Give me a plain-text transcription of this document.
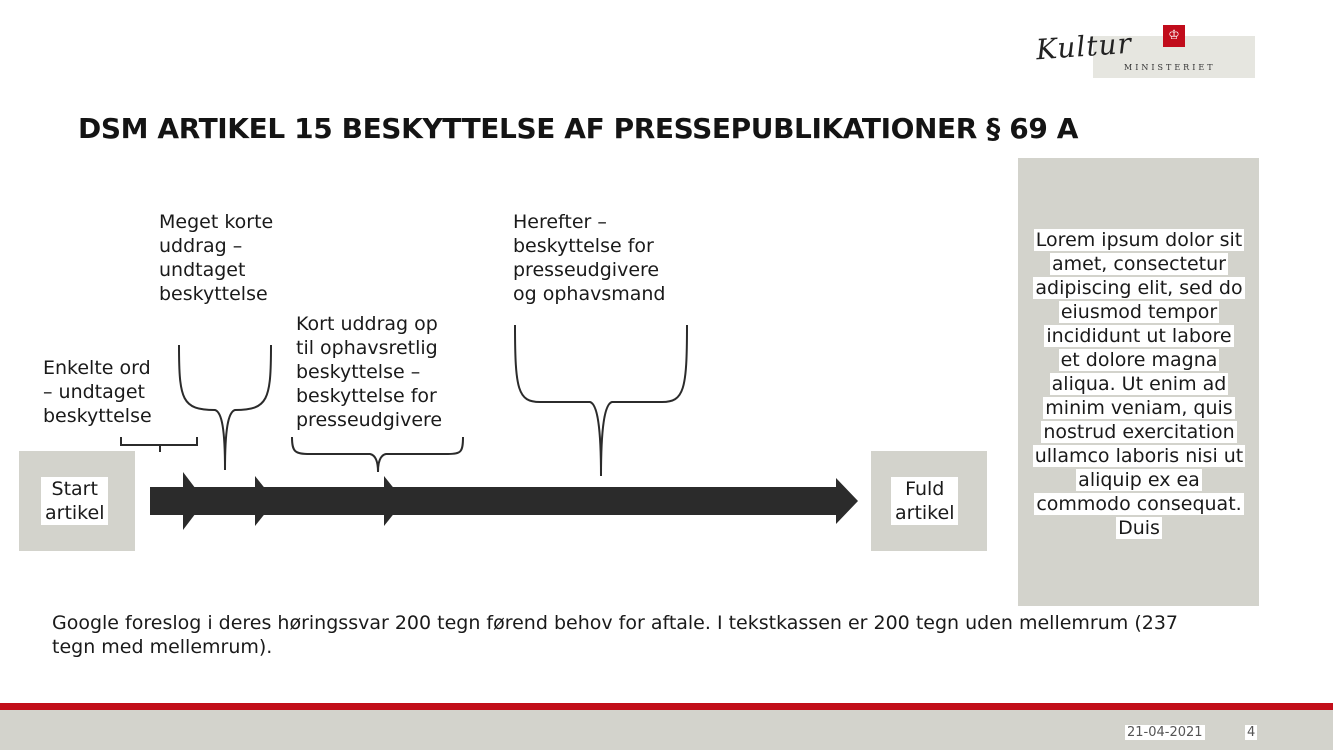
Kultur
MINISTERIET
♔
DSM ARTIKEL 15 BESKYTTELSE AF PRESSEPUBLIKATIONER § 69 A
Start
artikel
Fuld
artikel
Enkelte ord
– undtaget
beskyttelse
Meget korte
uddrag –
undtaget
beskyttelse
Kort uddrag op
til ophavsretlig
beskyttelse –
beskyttelse for
presseudgivere
Herefter –
beskyttelse for
presseudgivere
og ophavsmand
Lorem ipsum dolor sit
amet, consectetur
adipiscing elit, sed do
eiusmod tempor
incididunt ut labore
et dolore magna
aliqua. Ut enim ad
minim veniam, quis
nostrud exercitation
ullamco laboris nisi ut
aliquip ex ea
commodo consequat.
Duis
Google foreslog i deres høringssvar 200 tegn førend behov for aftale. I tekstkassen er 200 tegn uden mellemrum (237 tegn med mellemrum).
21-04-2021	4
